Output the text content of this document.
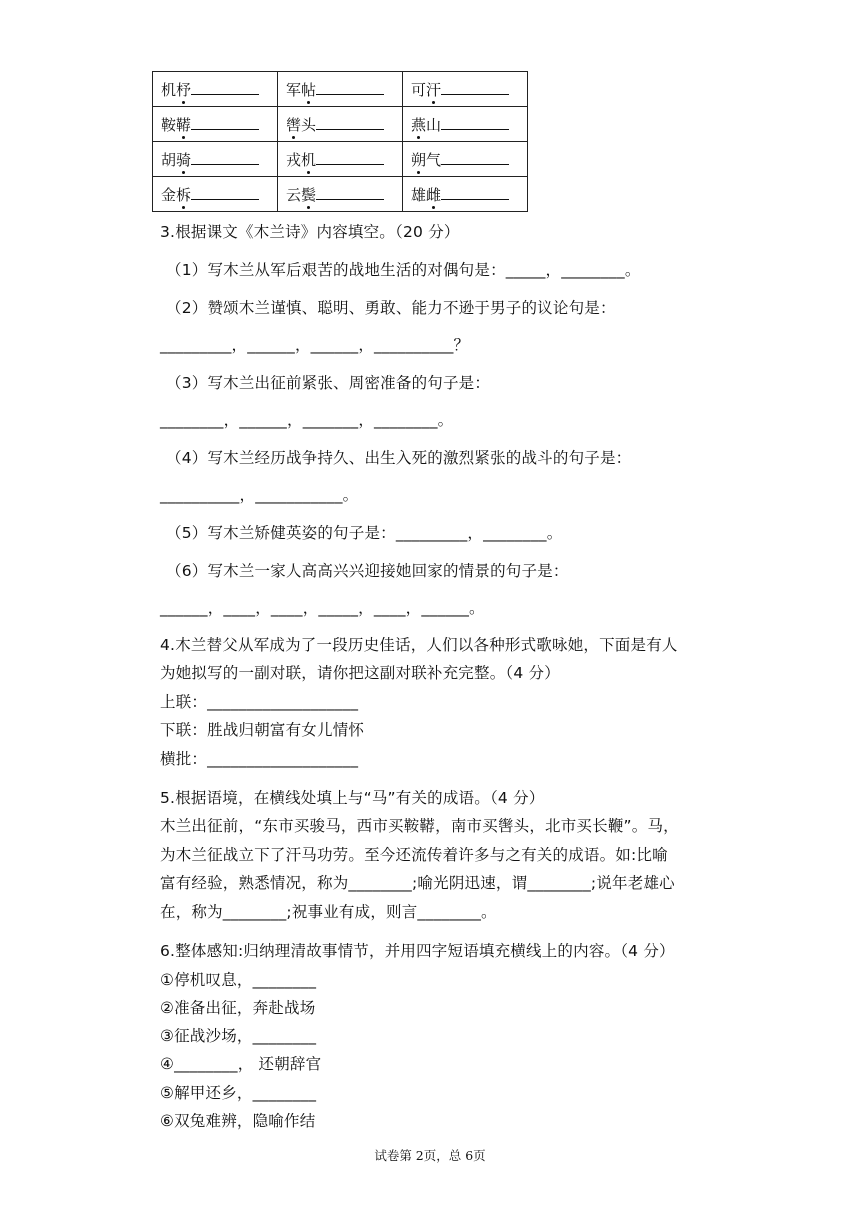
机杼	军帖	可汗
鞍鞯	辔头	燕山
胡骑	戎机	朔气
金柝	云鬓	雄雌
3.根据课文《木兰诗》内容填空。（20 分）
（1）写木兰从军后艰苦的战地生活的对偶句是：_____，________。
（2）赞颂木兰谨慎、聪明、勇敢、能力不逊于男子的议论句是：
_________，______，______，__________？
（3）写木兰出征前紧张、周密准备的句子是：
________，______，_______，________。
（4）写木兰经历战争持久、出生入死的激烈紧张的战斗的句子是：
__________，___________。
（5）写木兰矫健英姿的句子是：_________，________。
（6）写木兰一家人高高兴兴迎接她回家的情景的句子是：
______，____，____，_____，____，______。
4.木兰替父从军成为了一段历史佳话，人们以各种形式歌咏她，下面是有人
为她拟写的一副对联，请你把这副对联补充完整。（4 分）
上联：___________________
下联：胜战归朝富有女儿情怀
横批：___________________
5.根据语境，在横线处填上与“马”有关的成语。（4 分）
木兰出征前，“东市买骏马，西市买鞍鞯，南市买辔头，北市买长鞭”。马，
为木兰征战立下了汗马功劳。至今还流传着许多与之有关的成语。如:比喻
富有经验，熟悉情况，称为________;喻光阴迅速，谓________;说年老雄心
在，称为________;祝事业有成，则言________。
6.整体感知:归纳理清故事情节，并用四字短语填充横线上的内容。（4 分）
①停机叹息，________
②准备出征，奔赴战场
③征战沙场，________
④________， 还朝辞官
⑤解甲还乡，________
⑥双兔难辨，隐喻作结
试卷第 2页，总 6页
